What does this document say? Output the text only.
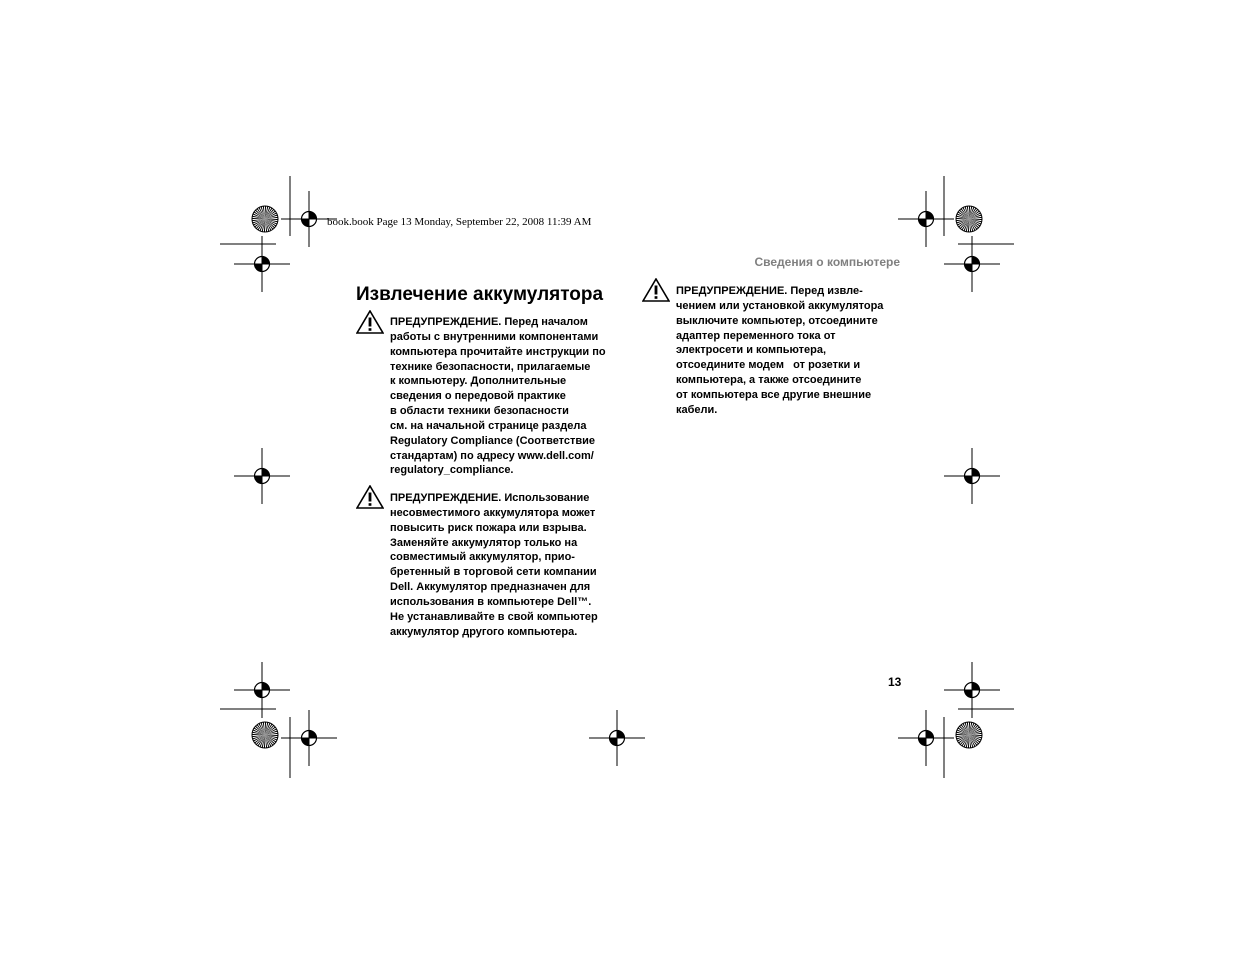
book.book Page 13 Monday, September 22, 2008 11:39 AM
Сведения о компьютере
Извлечение аккумулятора
ПРЕДУПРЕЖДЕНИЕ. Перед началом
работы с внутренними компонентами
компьютера прочитайте инструкции по
технике безопасности, прилагаемые
к компьютеру. Дополнительные
сведения о передовой практике
в области техники безопасности
см. на начальной странице раздела
Regulatory Compliance (Соответствие
стандартам) по адресу www.dell.com/
regulatory_compliance.
ПРЕДУПРЕЖДЕНИЕ. Использование
несовместимого аккумулятора может
повысить риск пожара или взрыва.
Заменяйте аккумулятор только на
совместимый аккумулятор, прио-
бретенный в торговой сети компании
Dell. Аккумулятор предназначен для
использования в компьютере Dell™.
Не устанавливайте в свой компьютер
аккумулятор другого компьютера.
ПРЕДУПРЕЖДЕНИЕ. Перед извле-
чением или установкой аккумулятора
выключите компьютер, отсоедините
адаптер переменного тока от
электросети и компьютера,
отсоедините модем   от розетки и
компьютера, а также отсоедините
от компьютера все другие внешние
кабели.
13
